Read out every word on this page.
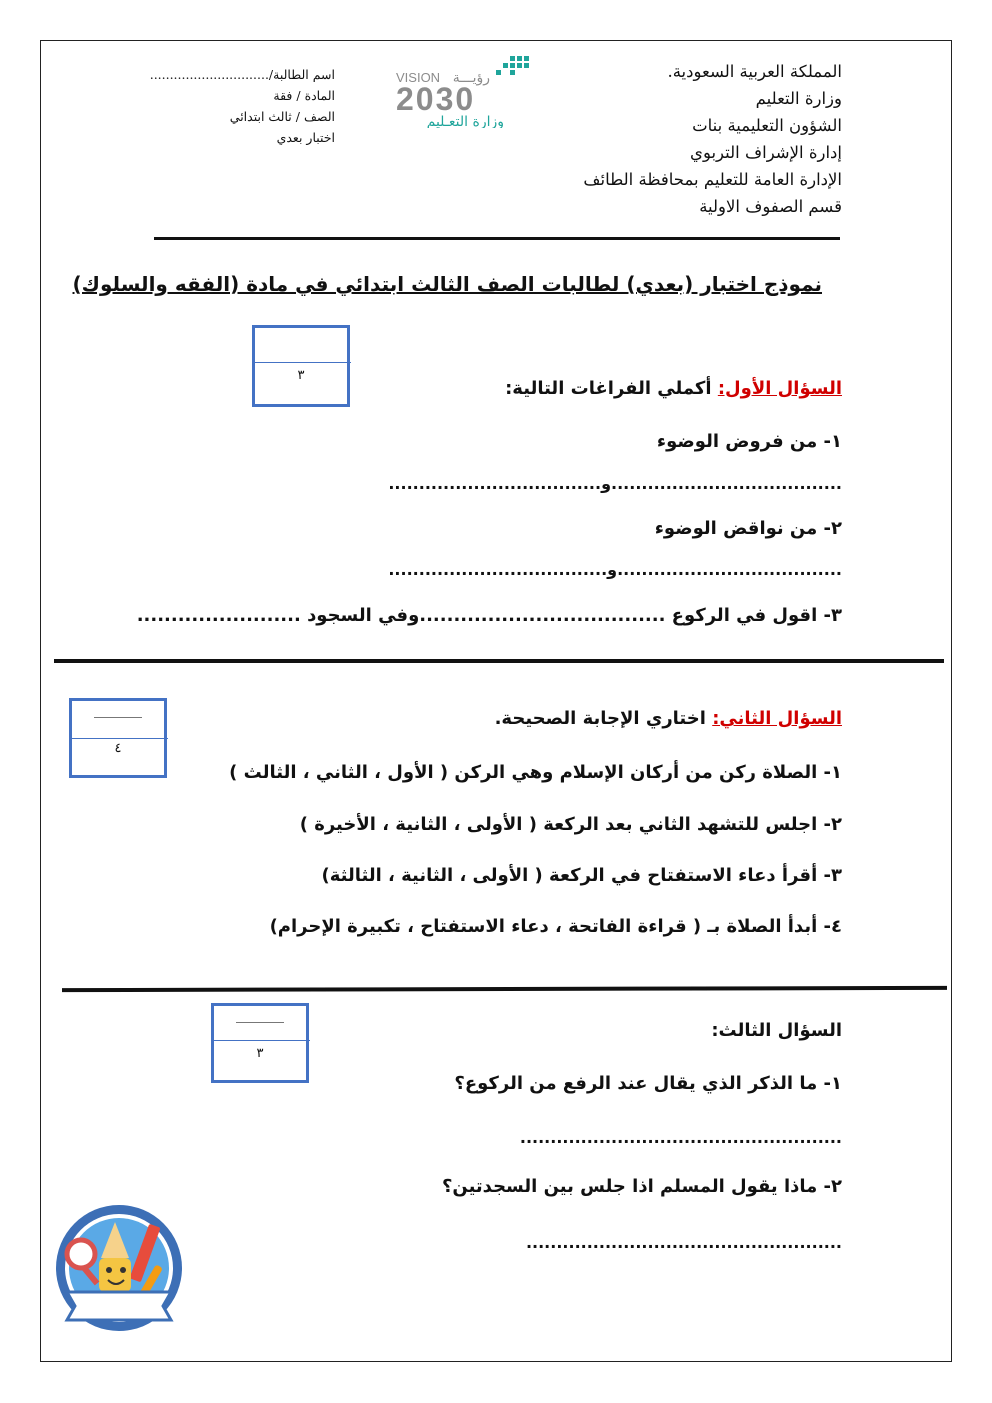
المملكة العربية السعودية.
وزارة التعليم
الشؤون التعليمية بنات
إدارة الإشراف التربوي
الإدارة العامة للتعليم بمحافظة الطائف
قسم الصفوف الاولية
اسم الطالبة/..............................
المادة / فقة
الصف / ثالث ابتدائي
اختبار بعدي
VISION رؤيـــة
2030
وزارة التعـليم
نموذج اختبار (بعدي) لطالبات الصف الثالث ابتدائي في مادة (الفقه والسلوك)
٣
السؤال الأول: أكملي الفراغات التالية:
١- من فروض الوضوء
......................................و...................................
٢- من نواقض الوضوء
.....................................و....................................
٣- اقول في الركوع ....................................وفي السجود ........................
٤
السؤال الثاني: اختاري الإجابة الصحيحة.
١- الصلاة ركن من أركان الإسلام وهي الركن ( الأول ، الثاني ، الثالث )
٢- اجلس للتشهد الثاني بعد الركعة ( الأولى ، الثانية ، الأخيرة )
٣- أقرأ دعاء الاستفتاح في الركعة ( الأولى ، الثانية ، الثالثة)
٤- أبدأ الصلاة بـ ( قراءة الفاتحة ، دعاء الاستفتاح ، تكبيرة الإحرام)
٣
السؤال الثالث:
١- ما الذكر الذي يقال عند الرفع من الركوع؟
.....................................................
٢- ماذا يقول المسلم اذا جلس بين السجدتين؟
....................................................
